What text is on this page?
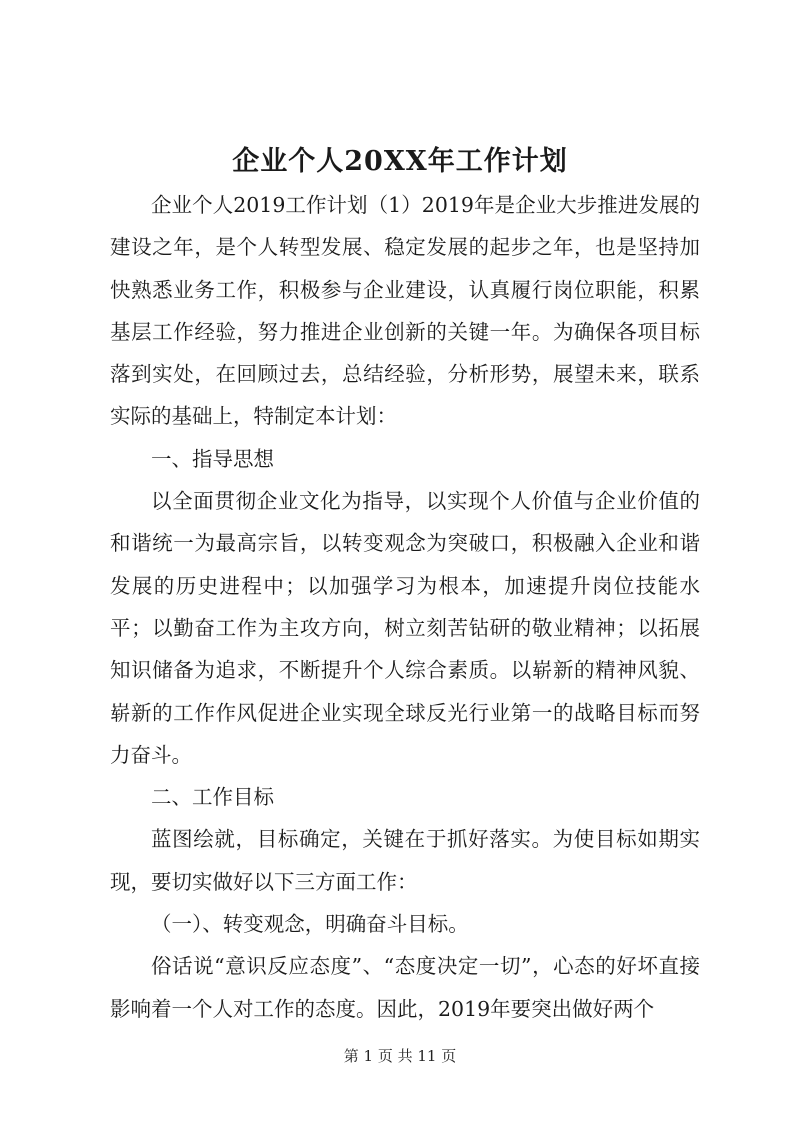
企业个人20XX年工作计划

企业个人2019工作计划（1）2019年是企业大步推进发展的建设之年，是个人转型发展、稳定发展的起步之年，也是坚持加快熟悉业务工作，积极参与企业建设，认真履行岗位职能，积累基层工作经验，努力推进企业创新的关键一年。为确保各项目标落到实处，在回顾过去，总结经验，分析形势，展望未来，联系实际的基础上，特制定本计划：

一、指导思想

以全面贯彻企业文化为指导，以实现个人价值与企业价值的和谐统一为最高宗旨，以转变观念为突破口，积极融入企业和谐发展的历史进程中；以加强学习为根本，加速提升岗位技能水平；以勤奋工作为主攻方向，树立刻苦钻研的敬业精神；以拓展知识储备为追求，不断提升个人综合素质。以崭新的精神风貌、崭新的工作作风促进企业实现全球反光行业第一的战略目标而努力奋斗。

二、工作目标

蓝图绘就，目标确定，关键在于抓好落实。为使目标如期实现，要切实做好以下三方面工作：

（一）、转变观念，明确奋斗目标。

俗话说“意识反应态度”、“态度决定一切”，心态的好坏直接影响着一个人对工作的态度。因此，2019年要突出做好两个

第 1 页 共 11 页
